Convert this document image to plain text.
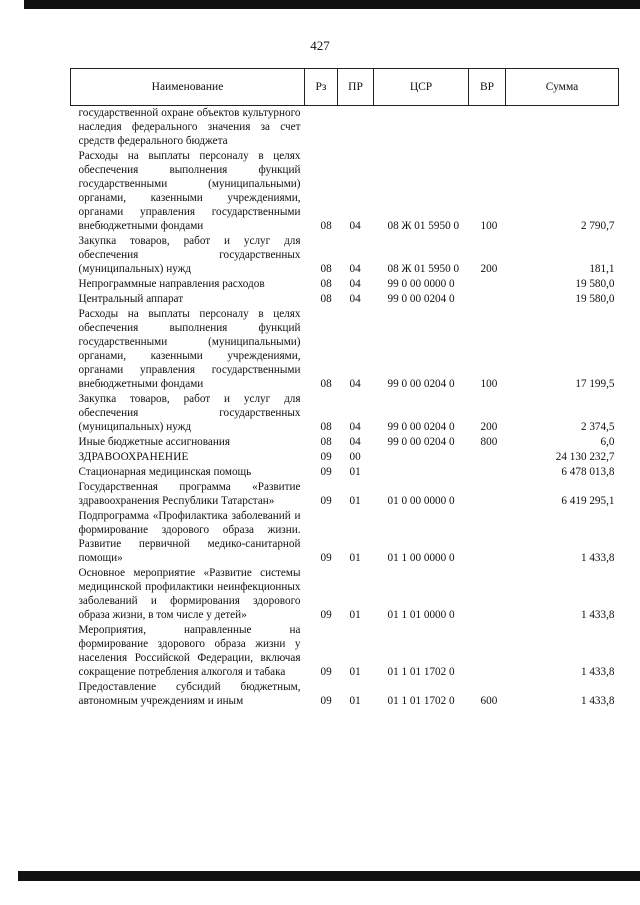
427
Наименование	Рз	ПР	ЦСР	ВР	Сумма
государственной охране объектов культурного наследия федерального значения за счет средств федерального бюджета					
Расходы на выплаты персоналу в целях обеспечения выполнения функций государственными (муниципальными) органами, казенными учреждениями, органами управления государственными внебюджетными фондами	08	04	08 Ж 01 5950 0	100	2 790,7
Закупка товаров, работ и услуг для обеспечения государственных (муниципальных) нужд	08	04	08 Ж 01 5950 0	200	181,1
Непрограммные направления расходов	08	04	99 0 00 0000 0		19 580,0
Центральный аппарат	08	04	99 0 00 0204 0		19 580,0
Расходы на выплаты персоналу в целях обеспечения выполнения функций государственными (муниципальными) органами, казенными учреждениями, органами управления государственными внебюджетными фондами	08	04	99 0 00 0204 0	100	17 199,5
Закупка товаров, работ и услуг для обеспечения государственных (муниципальных) нужд	08	04	99 0 00 0204 0	200	2 374,5
Иные бюджетные ассигнования	08	04	99 0 00 0204 0	800	6,0
ЗДРАВООХРАНЕНИЕ	09	00			24 130 232,7
Стационарная медицинская помощь	09	01			6 478 013,8
Государственная программа «Развитие здравоохранения Республики Татарстан»	09	01	01 0 00 0000 0		6 419 295,1
Подпрограмма «Профилактика заболеваний и формирование здорового образа жизни. Развитие первичной медико-санитарной помощи»	09	01	01 1 00 0000 0		1 433,8
Основное мероприятие «Развитие системы медицинской профилактики неинфекционных заболеваний и формирования здорового образа жизни, в том числе у детей»	09	01	01 1 01 0000 0		1 433,8
Мероприятия, направленные на формирование здорового образа жизни у населения Российской Федерации, включая сокращение потребления алкоголя и табака	09	01	01 1 01 1702 0		1 433,8
Предоставление субсидий бюджетным, автономным учреждениям и иным	09	01	01 1 01 1702 0	600	1 433,8
